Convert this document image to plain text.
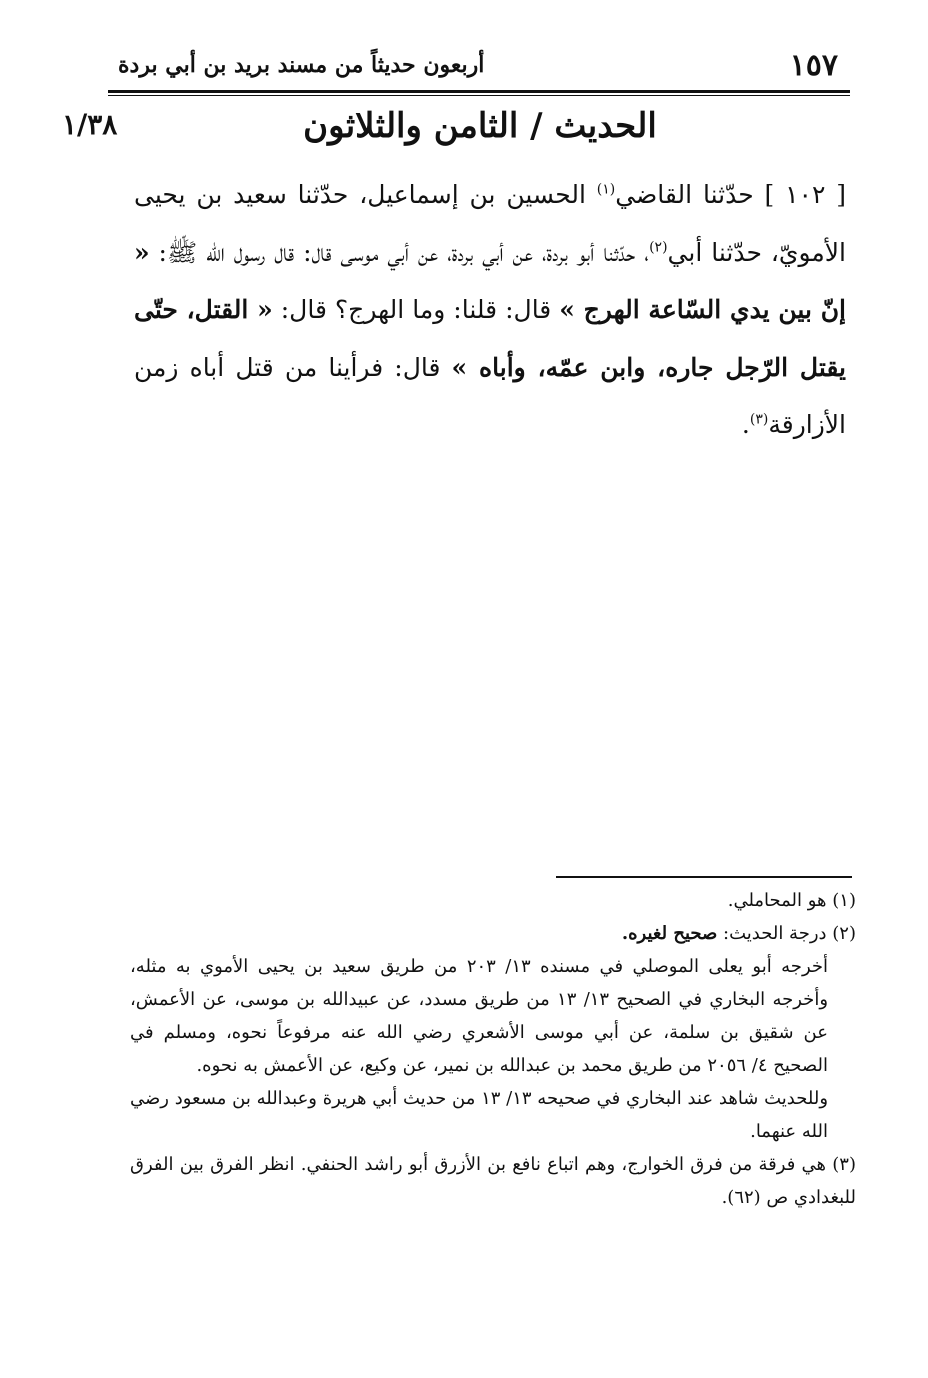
١٥٧
أربعون حديثاً من مسند بريد بن أبي بردة
الحديث / الثامن والثلاثون
١/٣٨

[ ١٠٢ ] حدّثنا القاضي$^{(١)}$ الحسين بن إسماعيل، حدّثنا سعيد بن يحيى الأمويّ، حدّثنا أبي$^{(٢)}$، حدّثنا أبو بردة، عن أبي بردة، عن أبي موسى قال: قال رسول الله ﷺ: « إنّ بين يدي السّاعة الهرج » قال: قلنا: وما الهرج؟ قال: « القتل، حتّى يقتل الرّجل جاره، وابن عمّه، وأباه » قال: فرأينا من قتل أباه زمن الأزارقة$^{(٣)}$.

(١) هو المحاملي.

(٢) درجة الحديث: صحيح لغيره.

أخرجه أبو يعلى الموصلي في مسنده ١٣/ ٢٠٣ من طريق سعيد بن يحيى الأموي به مثله، وأخرجه البخاري في الصحيح ١٣/ ١٣ من طريق مسدد، عن عبيدالله بن موسى، عن الأعمش، عن شقيق بن سلمة، عن أبي موسى الأشعري رضي الله عنه مرفوعاً نحوه، ومسلم في الصحيح ٤/ ٢٠٥٦ من طريق محمد بن عبدالله بن نمير، عن وكيع، عن الأعمش به نحوه.

وللحديث شاهد عند البخاري في صحيحه ١٣/ ١٣ من حديث أبي هريرة وعبدالله بن مسعود رضي الله عنهما.

(٣) هي فرقة من فرق الخوارج، وهم اتباع نافع بن الأزرق أبو راشد الحنفي. انظر الفرق بين الفرق للبغدادي ص (٦٢).
